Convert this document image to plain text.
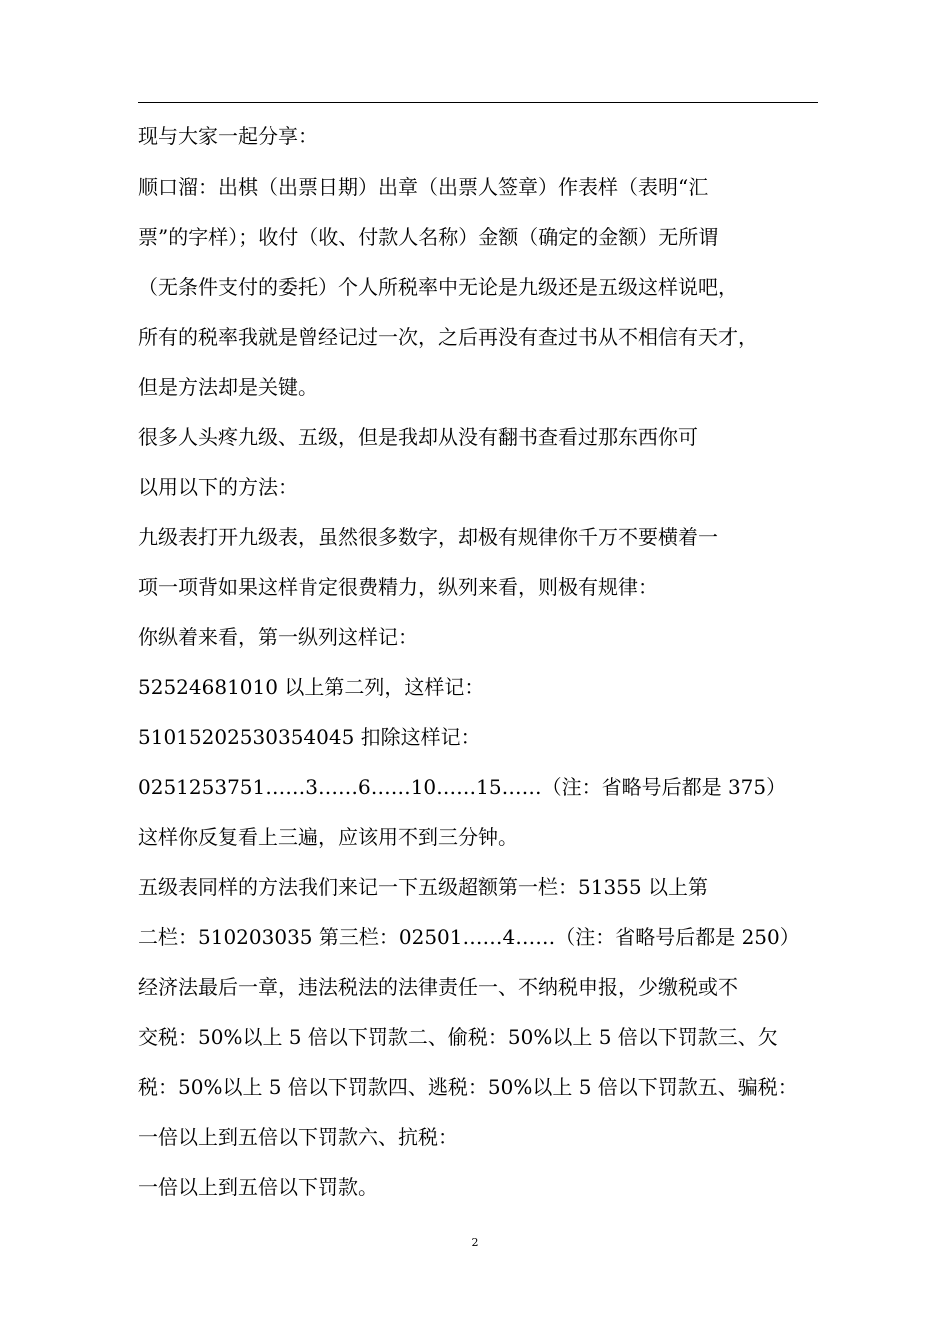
现与大家一起分享：
顺口溜：出棋（出票日期）出章（出票人签章）作表样（表明“汇
票”的字样）；收付（收、付款人名称）金额（确定的金额）无所谓
（无条件支付的委托）个人所税率中无论是九级还是五级这样说吧，
所有的税率我就是曾经记过一次，之后再没有查过书从不相信有天才，
但是方法却是关键。
很多人头疼九级、五级，但是我却从没有翻书查看过那东西你可
以用以下的方法：
九级表打开九级表，虽然很多数字，却极有规律你千万不要横着一
项一项背如果这样肯定很费精力，纵列来看，则极有规律：
你纵着来看，第一纵列这样记：
52524681010 以上第二列，这样记：
51015202530354045 扣除这样记：
0251253751……3……6……10……15……（注：省略号后都是 375）
这样你反复看上三遍，应该用不到三分钟。
五级表同样的方法我们来记一下五级超额第一栏：51355 以上第
二栏：510203035 第三栏：02501……4……（注：省略号后都是 250）
经济法最后一章，违法税法的法律责任一、不纳税申报，少缴税或不
交税：50%以上 5 倍以下罚款二、偷税：50%以上 5 倍以下罚款三、欠
税：50%以上 5 倍以下罚款四、逃税：50%以上 5 倍以下罚款五、骗税：
一倍以上到五倍以下罚款六、抗税：
一倍以上到五倍以下罚款。
2
